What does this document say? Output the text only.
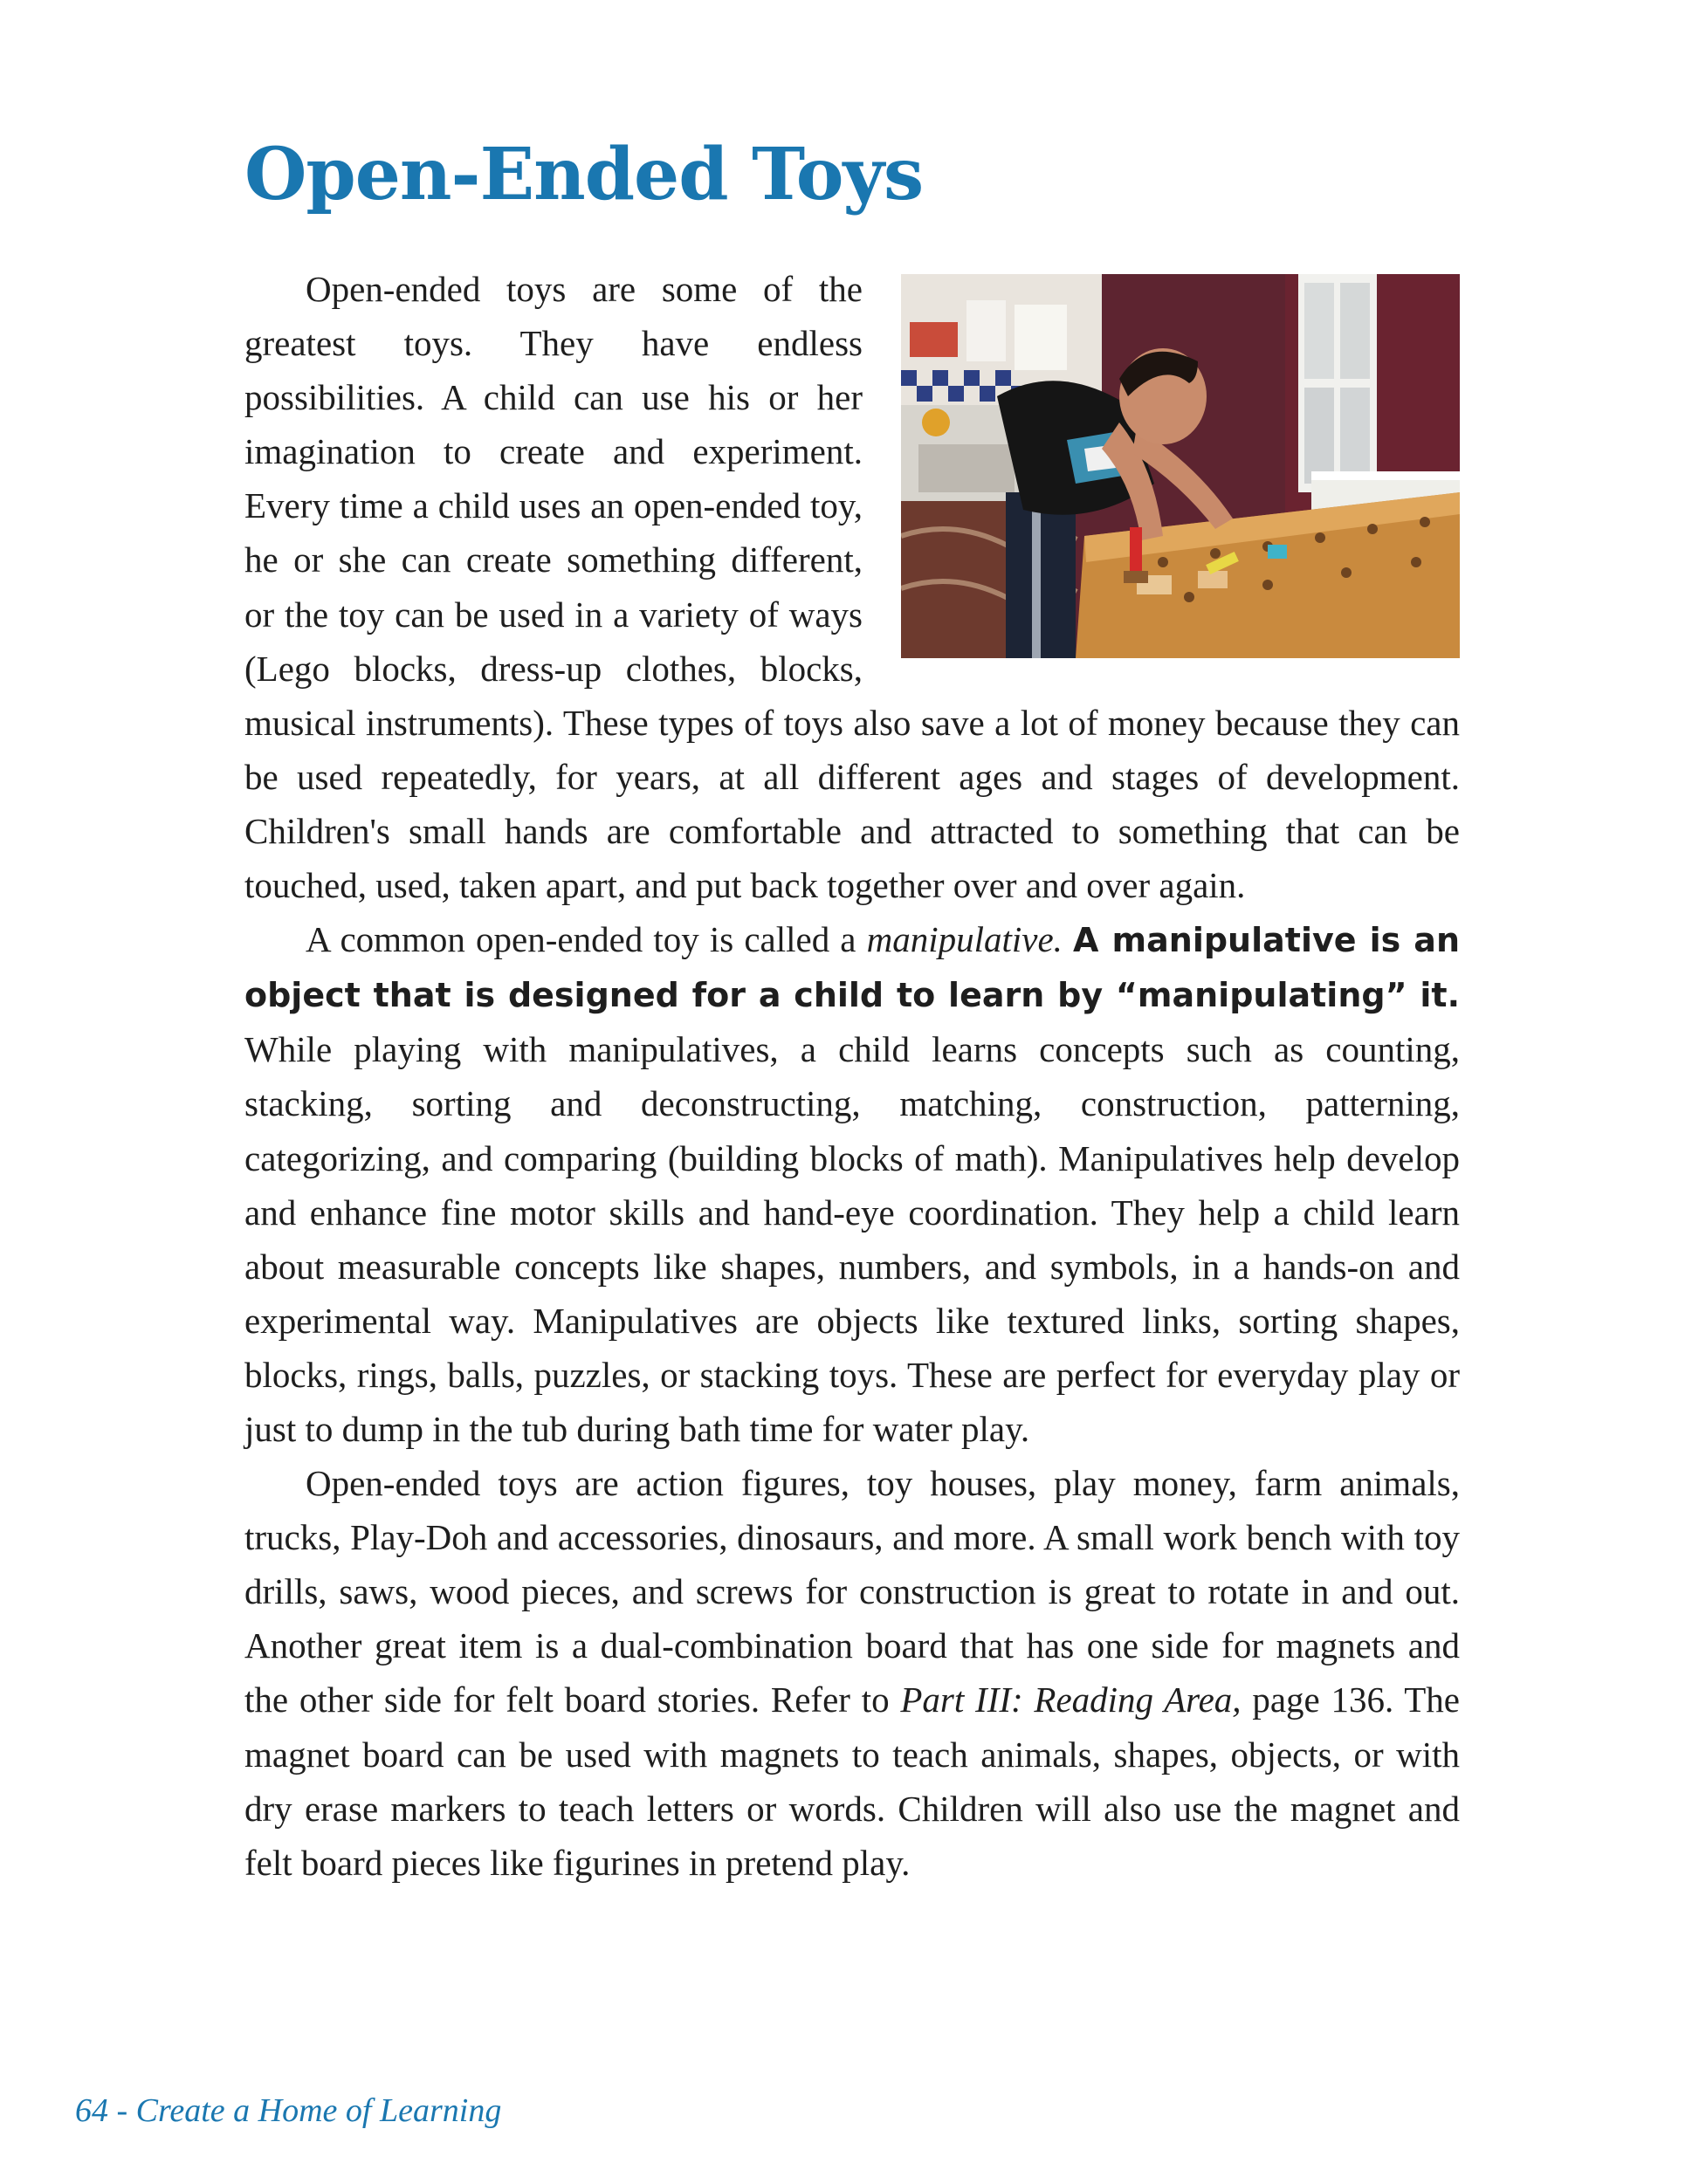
Open-Ended Toys

Open-ended toys are some of the greatest toys. They have endless possibilities. A child can use his or her imagination to create and experiment. Every time a child uses an open-ended toy, he or she can create something different, or the toy can be used in a variety of ways (Lego blocks, dress-up clothes, blocks, musical instruments). These types of toys also save a lot of money because they can be used repeatedly, for years, at all different ages and stages of development. Children's small hands are comfortable and attracted to something that can be touched, used, taken apart, and put back together over and over again.

A common open-ended toy is called a manipulative. A manipulative is an object that is designed for a child to learn by “manipulating” it. While playing with manipulatives, a child learns concepts such as counting, stacking, sorting and deconstructing, matching, construction, patterning, categorizing, and comparing (building blocks of math). Manipulatives help develop and enhance fine motor skills and hand-eye coordination. They help a child learn about measurable concepts like shapes, numbers, and symbols, in a hands-on and experimental way. Manipulatives are objects like textured links, sorting shapes, blocks, rings, balls, puzzles, or stacking toys. These are perfect for everyday play or just to dump in the tub during bath time for water play.

Open-ended toys are action figures, toy houses, play money, farm animals, trucks, Play-Doh and accessories, dinosaurs, and more. A small work bench with toy drills, saws, wood pieces, and screws for construction is great to rotate in and out. Another great item is a dual-combination board that has one side for magnets and the other side for felt board stories. Refer to Part III: Reading Area, page 136. The magnet board can be used with magnets to teach animals, shapes, objects, or with dry erase markers to teach letters or words. Children will also use the magnet and felt board pieces like figurines in pretend play.

64 - Create a Home of Learning
